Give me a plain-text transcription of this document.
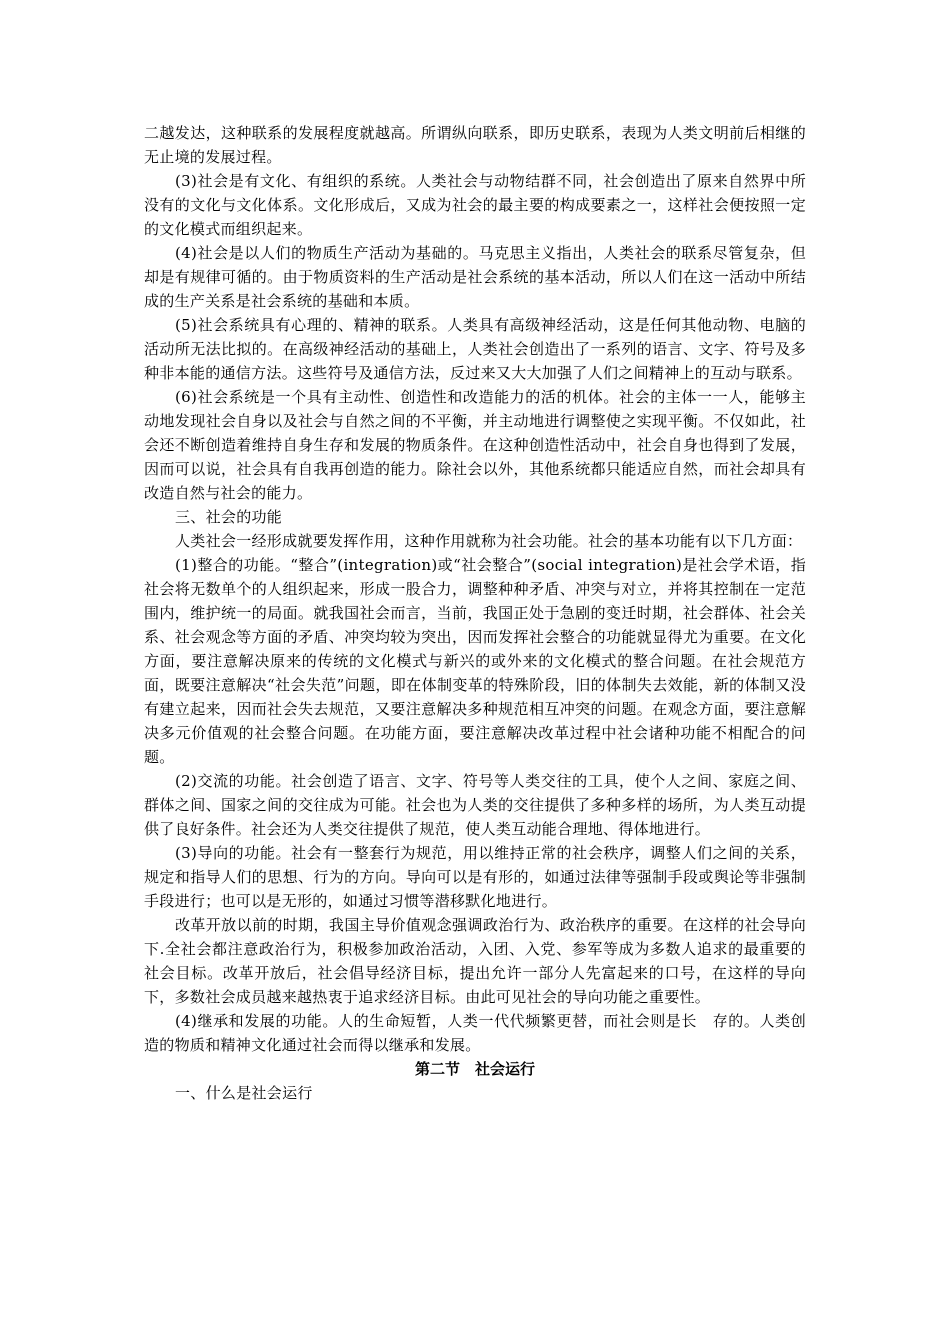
二越发达，这种联系的发展程度就越高。所谓纵向联系，即历史联系，表现为人类文明前后相继的无止境的发展过程。

(3)社会是有文化、有组织的系统。人类社会与动物结群不同，社会创造出了原来自然界中所没有的文化与文化体系。文化形成后，又成为社会的最主要的构成要素之一，这样社会便按照一定的文化模式而组织起来。

(4)社会是以人们的物质生产活动为基础的。马克思主义指出，人类社会的联系尽管复杂，但却是有规律可循的。由于物质资料的生产活动是社会系统的基本活动，所以人们在这一活动中所结成的生产关系是社会系统的基础和本质。

(5)社会系统具有心理的、精神的联系。人类具有高级神经活动，这是任何其他动物、电脑的活动所无法比拟的。在高级神经活动的基础上，人类社会创造出了一系列的语言、文字、符号及多种非本能的通信方法。这些符号及通信方法，反过来又大大加强了人们之间精神上的互动与联系。

(6)社会系统是一个具有主动性、创造性和改造能力的活的机体。社会的主体一一人，能够主动地发现社会自身以及社会与自然之间的不平衡，并主动地进行调整使之实现平衡。不仅如此，社会还不断创造着维持自身生存和发展的物质条件。在这种创造性活动中，社会自身也得到了发展，因而可以说，社会具有自我再创造的能力。除社会以外，其他系统都只能适应自然，而社会却具有改造自然与社会的能力。

三、社会的功能

人类社会一经形成就要发挥作用，这种作用就称为社会功能。社会的基本功能有以下几方面：

(1)整合的功能。“整合”(integration)或“社会整合”(social integration)是社会学术语，指社会将无数单个的人组织起来，形成一股合力，调整种种矛盾、冲突与对立，并将其控制在一定范围内，维护统一的局面。就我国社会而言，当前，我国正处于急剧的变迁时期，社会群体、社会关系、社会观念等方面的矛盾、冲突均较为突出，因而发挥社会整合的功能就显得尤为重要。在文化方面，要注意解决原来的传统的文化模式与新兴的或外来的文化模式的整合问题。在社会规范方面，既要注意解决“社会失范”问题，即在体制变革的特殊阶段，旧的体制失去效能，新的体制又没有建立起来，因而社会失去规范，又要注意解决多种规范相互冲突的问题。在观念方面，要注意解决多元价值观的社会整合问题。在功能方面，要注意解决改革过程中社会诸种功能不相配合的问题。

(2)交流的功能。社会创造了语言、文字、符号等人类交往的工具，使个人之间、家庭之间、群体之间、国家之间的交往成为可能。社会也为人类的交往提供了多种多样的场所，为人类互动提供了良好条件。社会还为人类交往提供了规范，使人类互动能合理地、得体地进行。

(3)导向的功能。社会有一整套行为规范，用以维持正常的社会秩序，调整人们之间的关系，规定和指导人们的思想、行为的方向。导向可以是有形的，如通过法律等强制手段或舆论等非强制手段进行；也可以是无形的，如通过习惯等潜移默化地进行。

改革开放以前的时期，我国主导价值观念强调政治行为、政治秩序的重要。在这样的社会导向下.全社会都注意政治行为，积极参加政治活动，入团、入党、参军等成为多数人追求的最重要的社会目标。改革开放后，社会倡导经济目标，提出允许一部分人先富起来的口号，在这样的导向下，多数社会成员越来越热衷于追求经济目标。由此可见社会的导向功能之重要性。

(4)继承和发展的功能。人的生命短暂，人类一代代频繁更替，而社会则是长　存的。人类创造的物质和精神文化通过社会而得以继承和发展。

第二节　社会运行

一、什么是社会运行
